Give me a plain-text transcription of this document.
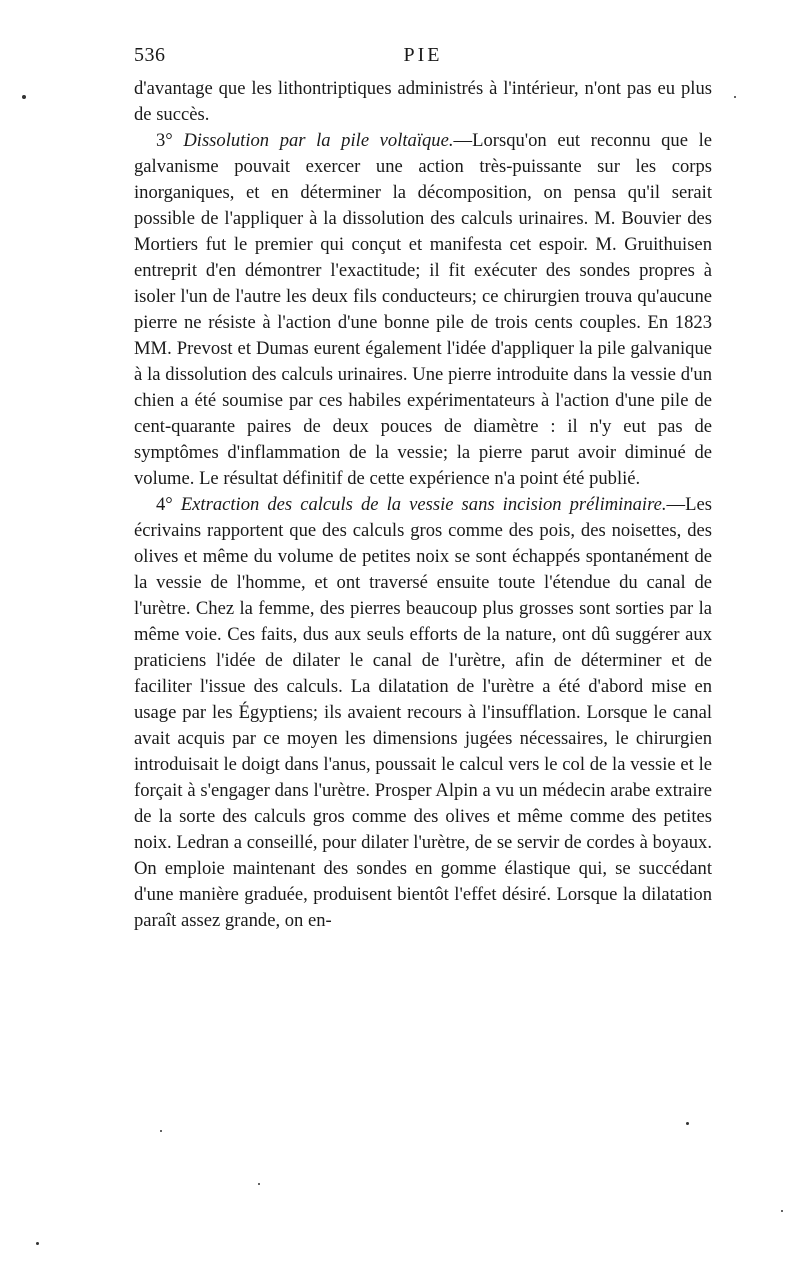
536	PIE

d'avantage que les lithontriptiques administrés à l'intérieur, n'ont pas eu plus de succès.

3° Dissolution par la pile voltaïque.—Lorsqu'on eut reconnu que le galvanisme pouvait exercer une action très-puissante sur les corps inorganiques, et en déterminer la décomposition, on pensa qu'il serait possible de l'appliquer à la dissolution des calculs urinaires. M. Bouvier des Mortiers fut le premier qui conçut et manifesta cet espoir. M. Gruithuisen entreprit d'en démontrer l'exactitude; il fit exécuter des sondes propres à isoler l'un de l'autre les deux fils conducteurs; ce chirurgien trouva qu'aucune pierre ne résiste à l'action d'une bonne pile de trois cents couples. En 1823 MM. Prevost et Dumas eurent également l'idée d'appliquer la pile galvanique à la dissolution des calculs urinaires. Une pierre introduite dans la vessie d'un chien a été soumise par ces habiles expérimentateurs à l'action d'une pile de cent-quarante paires de deux pouces de diamètre : il n'y eut pas de symptômes d'inflammation de la vessie; la pierre parut avoir diminué de volume. Le résultat définitif de cette expérience n'a point été publié.

4° Extraction des calculs de la vessie sans incision préliminaire.—Les écrivains rapportent que des calculs gros comme des pois, des noisettes, des olives et même du volume de petites noix se sont échappés spontanément de la vessie de l'homme, et ont traversé ensuite toute l'étendue du canal de l'urètre. Chez la femme, des pierres beaucoup plus grosses sont sorties par la même voie. Ces faits, dus aux seuls efforts de la nature, ont dû suggérer aux praticiens l'idée de dilater le canal de l'urètre, afin de déterminer et de faciliter l'issue des calculs. La dilatation de l'urètre a été d'abord mise en usage par les Égyptiens; ils avaient recours à l'insufflation. Lorsque le canal avait acquis par ce moyen les dimensions jugées nécessaires, le chirurgien introduisait le doigt dans l'anus, poussait le calcul vers le col de la vessie et le forçait à s'engager dans l'urètre. Prosper Alpin a vu un médecin arabe extraire de la sorte des calculs gros comme des olives et même comme des petites noix. Ledran a conseillé, pour dilater l'urètre, de se servir de cordes à boyaux. On emploie maintenant des sondes en gomme élastique qui, se succédant d'une manière graduée, produisent bientôt l'effet désiré. Lorsque la dilatation paraît assez grande, on en-
